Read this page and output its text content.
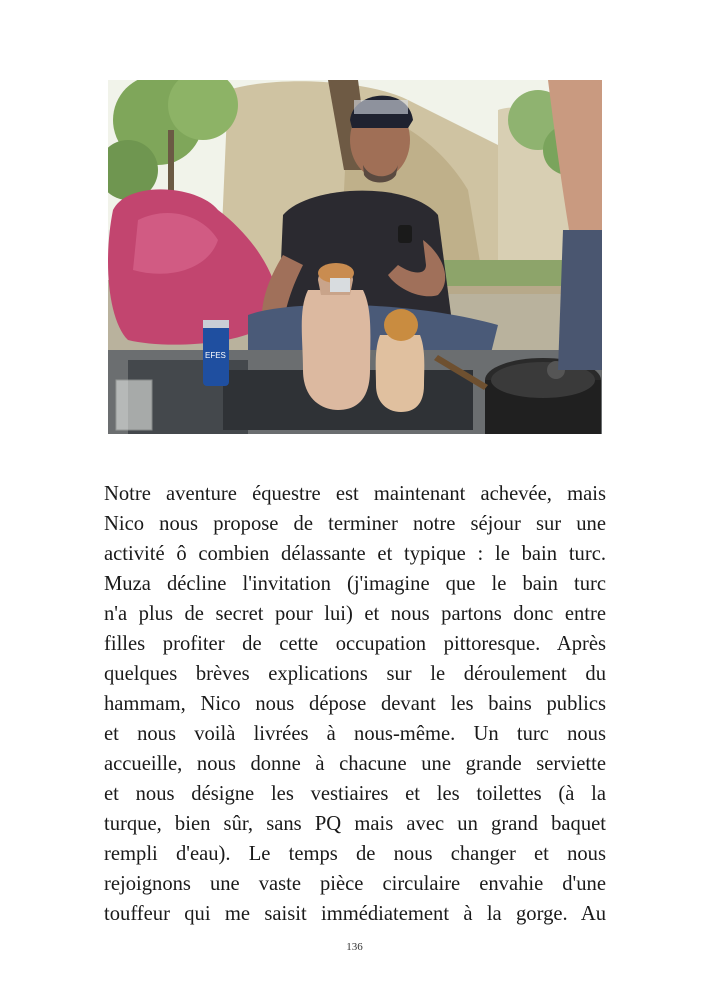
EFES
Notre aventure équestre est maintenant achevée, mais
Nico nous propose de terminer notre séjour sur une
activité ô combien délassante et typique : le bain turc.
Muza décline l'invitation (j'imagine que le bain turc
n'a plus de secret pour lui) et nous partons donc entre
filles profiter de cette occupation pittoresque. Après
quelques brèves explications sur le déroulement du
hammam, Nico nous dépose devant les bains publics
et nous voilà livrées à nous-même. Un turc nous
accueille, nous donne à chacune une grande serviette
et nous désigne les vestiaires et les toilettes (à la
turque, bien sûr, sans PQ mais avec un grand baquet
rempli d'eau). Le temps de nous changer et nous
rejoignons une vaste pièce circulaire envahie d'une
touffeur qui me saisit immédiatement à la gorge. Au
136
